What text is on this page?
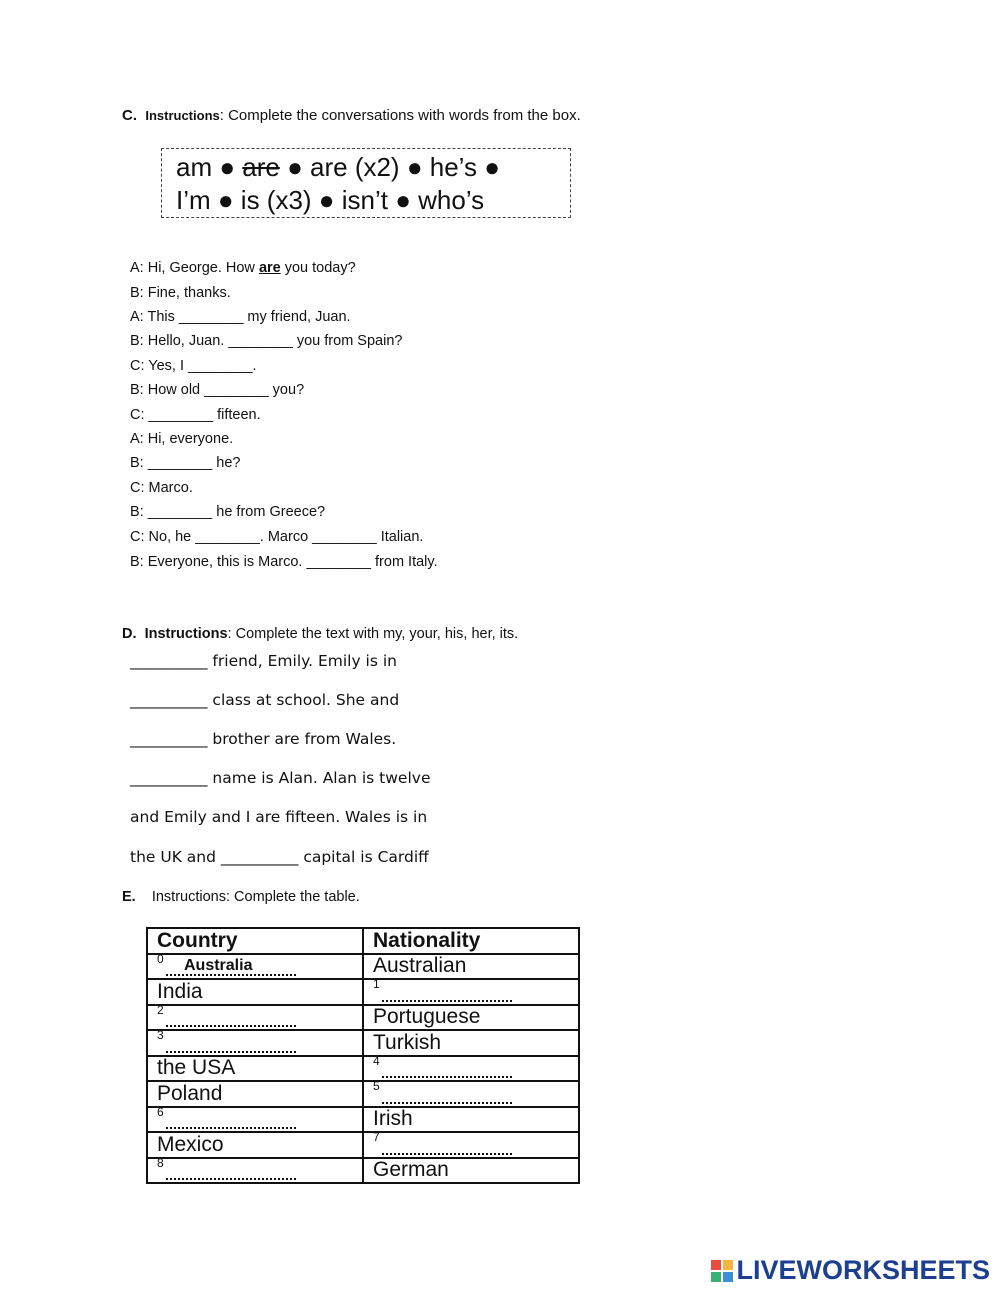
C. Instructions: Complete the conversations with words from the box.
am ● are ● are (x2) ● he’s ●
I’m ● is (x3) ● isn’t ● who’s
A: Hi, George. How are you today?
B: Fine, thanks.
A: This ________ my friend, Juan.
B: Hello, Juan. ________ you from Spain?
C: Yes, I ________.
B: How old ________ you?
C: ________ fifteen.
A: Hi, everyone.
B: ________ he?
C: Marco.
B: ________ he from Greece?
C: No, he ________. Marco ________ Italian.
B: Everyone, this is Marco. ________ from Italy.
D. Instructions: Complete the text with my, your, his, her, its.
__________ friend, Emily. Emily is in
__________ class at school. She and
__________ brother are from Wales.
__________ name is Alan. Alan is twelve
and Emily and I are fifteen. Wales is in
the UK and __________ capital is Cardiff
E. Instructions: Complete the table.
Country	Nationality

0 Australia	Australian
India	1

2	Portuguese

3	Turkish
the USA	4

Poland	5

6	Irish
Mexico	7

8	German
LIVEWORKSHEETS
